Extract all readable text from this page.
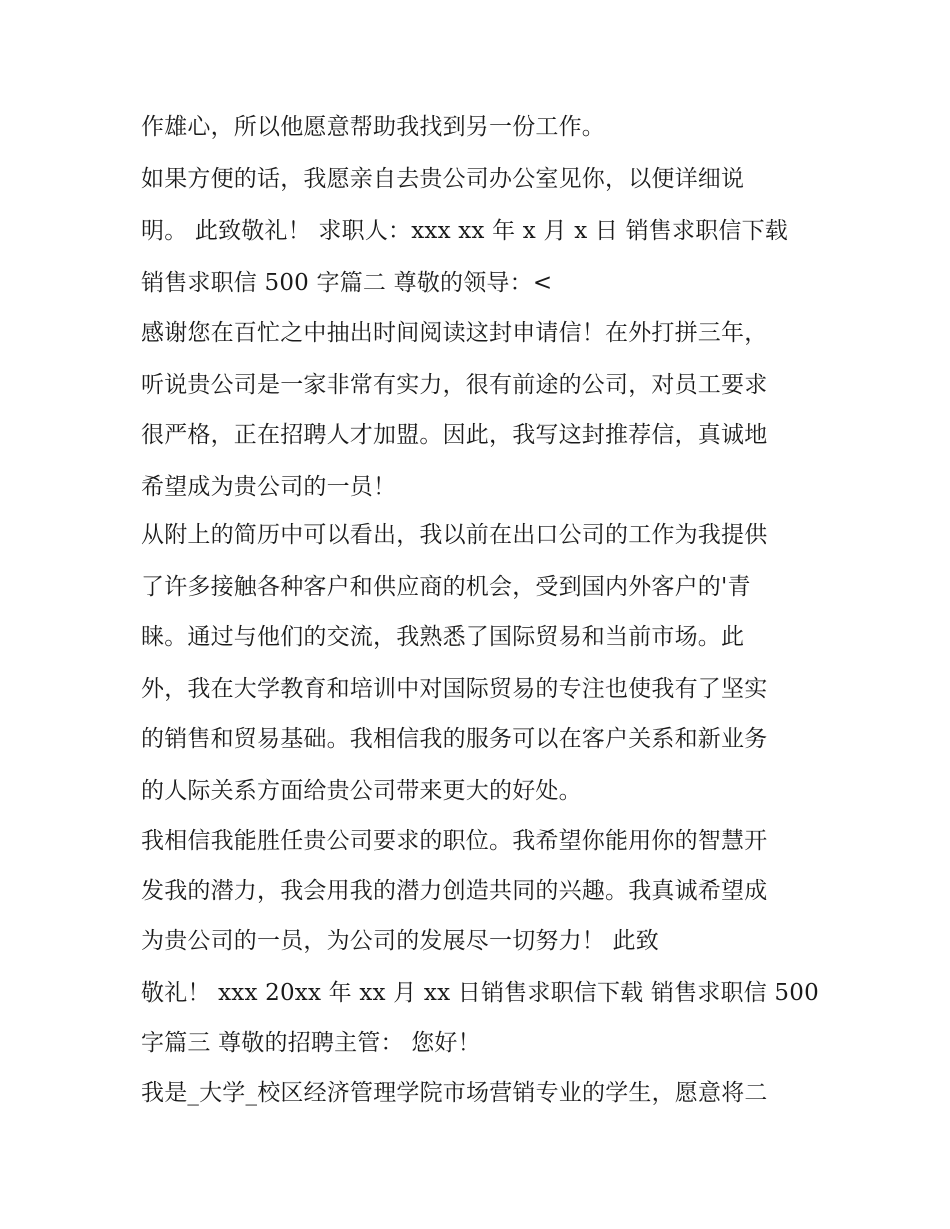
作雄心，所以他愿意帮助我找到另一份工作。
如果方便的话，我愿亲自去贵公司办公室见你，以便详细说
明。 此致敬礼！ 求职人：xxx xx 年 x 月 x 日 销售求职信下载
销售求职信 500 字篇二 尊敬的领导：<
感谢您在百忙之中抽出时间阅读这封申请信！在外打拼三年，
听说贵公司是一家非常有实力，很有前途的公司，对员工要求
很严格，正在招聘人才加盟。因此，我写这封推荐信，真诚地
希望成为贵公司的一员！
从附上的简历中可以看出，我以前在出口公司的工作为我提供
了许多接触各种客户和供应商的机会，受到国内外客户的'青
睐。通过与他们的交流，我熟悉了国际贸易和当前市场。此
外，我在大学教育和培训中对国际贸易的专注也使我有了坚实
的销售和贸易基础。我相信我的服务可以在客户关系和新业务
的人际关系方面给贵公司带来更大的好处。
我相信我能胜任贵公司要求的职位。我希望你能用你的智慧开
发我的潜力，我会用我的潜力创造共同的兴趣。我真诚希望成
为贵公司的一员，为公司的发展尽一切努力！ 此致
敬礼！ xxx 20xx 年 xx 月 xx 日销售求职信下载 销售求职信 500
字篇三 尊敬的招聘主管： 您好！
我是_大学_校区经济管理学院市场营销专业的学生，愿意将二
